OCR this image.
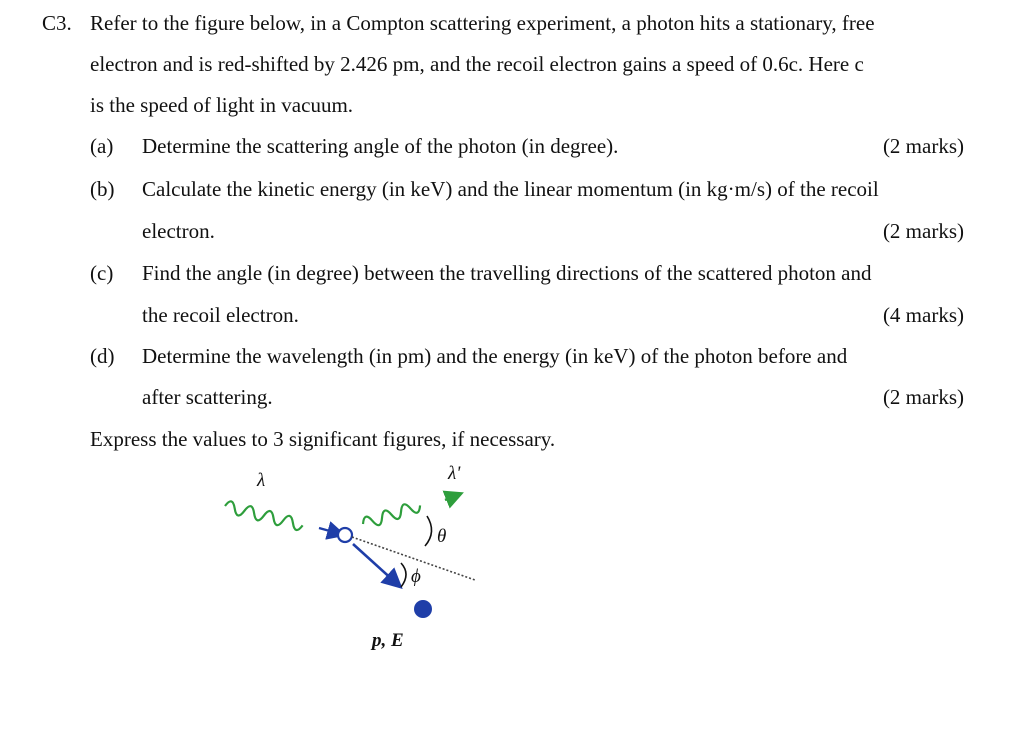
C3. Refer to the figure below, in a Compton scattering experiment, a photon hits a stationary, free
electron and is red-shifted by 2.426 pm, and the recoil electron gains a speed of 0.6c. Here c
is the speed of light in vacuum.
(a) Determine the scattering angle of the photon (in degree).	(2 marks)
(b) Calculate the kinetic energy (in keV) and the linear momentum (in kg·m/s) of the recoil
electron.	(2 marks)
(c) Find the angle (in degree) between the travelling directions of the scattered photon and
the recoil electron.	(4 marks)
(d) Determine the wavelength (in pm) and the energy (in keV) of the photon before and
after scattering.	(2 marks)
Express the values to 3 significant figures, if necessary.
λ	λ'
θ
ϕ
p, E
